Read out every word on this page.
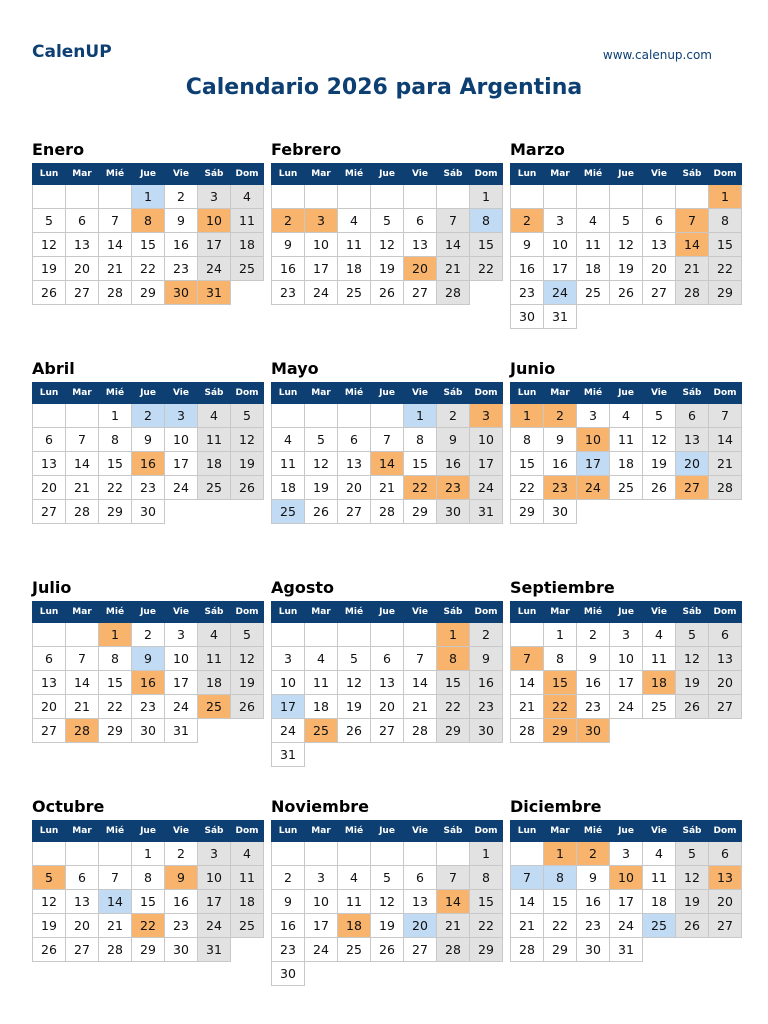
CalenUP	www.calenup.com
Calendario 2026 para Argentina
Enero
Lun	Mar	Mié	Jue	Vie	Sáb	Dom
			1	2	3	4
5	6	7	8	9	10	11
12	13	14	15	16	17	18
19	20	21	22	23	24	25
26	27	28	29	30	31	
Febrero
Lun	Mar	Mié	Jue	Vie	Sáb	Dom
						1
2	3	4	5	6	7	8
9	10	11	12	13	14	15
16	17	18	19	20	21	22
23	24	25	26	27	28	
Marzo
Lun	Mar	Mié	Jue	Vie	Sáb	Dom
						1
2	3	4	5	6	7	8
9	10	11	12	13	14	15
16	17	18	19	20	21	22
23	24	25	26	27	28	29
30	31					
Abril
Lun	Mar	Mié	Jue	Vie	Sáb	Dom
		1	2	3	4	5
6	7	8	9	10	11	12
13	14	15	16	17	18	19
20	21	22	23	24	25	26
27	28	29	30			
Mayo
Lun	Mar	Mié	Jue	Vie	Sáb	Dom
				1	2	3
4	5	6	7	8	9	10
11	12	13	14	15	16	17
18	19	20	21	22	23	24
25	26	27	28	29	30	31
Junio
Lun	Mar	Mié	Jue	Vie	Sáb	Dom
1	2	3	4	5	6	7
8	9	10	11	12	13	14
15	16	17	18	19	20	21
22	23	24	25	26	27	28
29	30					
Julio
Lun	Mar	Mié	Jue	Vie	Sáb	Dom
		1	2	3	4	5
6	7	8	9	10	11	12
13	14	15	16	17	18	19
20	21	22	23	24	25	26
27	28	29	30	31		
Agosto
Lun	Mar	Mié	Jue	Vie	Sáb	Dom
					1	2
3	4	5	6	7	8	9
10	11	12	13	14	15	16
17	18	19	20	21	22	23
24	25	26	27	28	29	30
31						
Septiembre
Lun	Mar	Mié	Jue	Vie	Sáb	Dom
	1	2	3	4	5	6
7	8	9	10	11	12	13
14	15	16	17	18	19	20
21	22	23	24	25	26	27
28	29	30				
Octubre
Lun	Mar	Mié	Jue	Vie	Sáb	Dom
			1	2	3	4
5	6	7	8	9	10	11
12	13	14	15	16	17	18
19	20	21	22	23	24	25
26	27	28	29	30	31	
Noviembre
Lun	Mar	Mié	Jue	Vie	Sáb	Dom
						1
2	3	4	5	6	7	8
9	10	11	12	13	14	15
16	17	18	19	20	21	22
23	24	25	26	27	28	29
30						
Diciembre
Lun	Mar	Mié	Jue	Vie	Sáb	Dom
	1	2	3	4	5	6
7	8	9	10	11	12	13
14	15	16	17	18	19	20
21	22	23	24	25	26	27
28	29	30	31			
